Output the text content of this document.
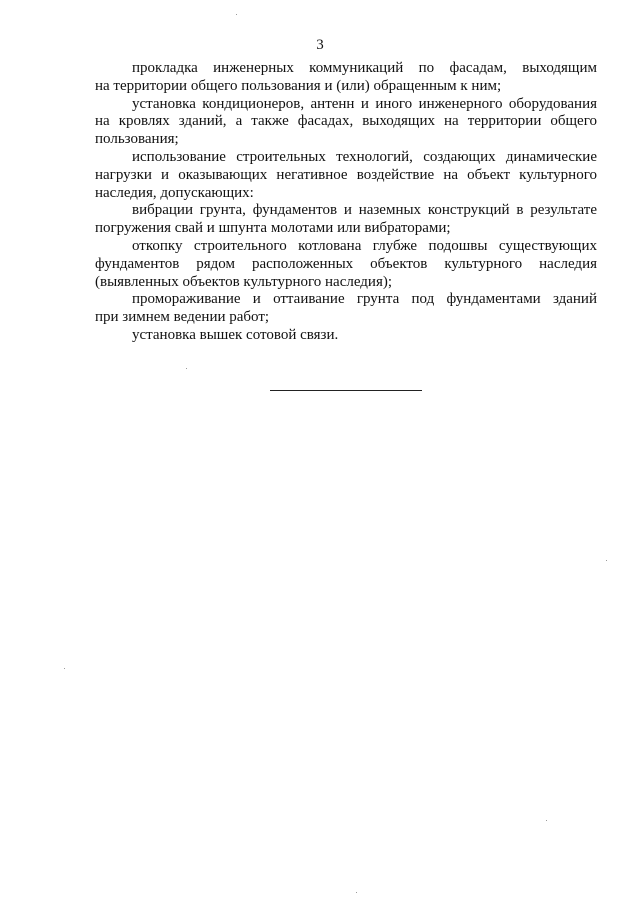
3

прокладка инженерных коммуникаций по фасадам, выходящим
на территории общего пользования и (или) обращенным к ним;

установка кондиционеров, антенн и иного инженерного оборудования
на кровлях зданий, а также фасадах, выходящих на территории общего
пользования;

использование строительных технологий, создающих динамические
нагрузки и оказывающих негативное воздействие на объект культурного
наследия, допускающих:

вибрации грунта, фундаментов и наземных конструкций в результате
погружения свай и шпунта молотами или вибраторами;

откопку строительного котлована глубже подошвы существующих
фундаментов рядом расположенных объектов культурного наследия
(выявленных объектов культурного наследия);

промораживание и оттаивание грунта под фундаментами зданий
при зимнем ведении работ;

установка вышек сотовой связи.
